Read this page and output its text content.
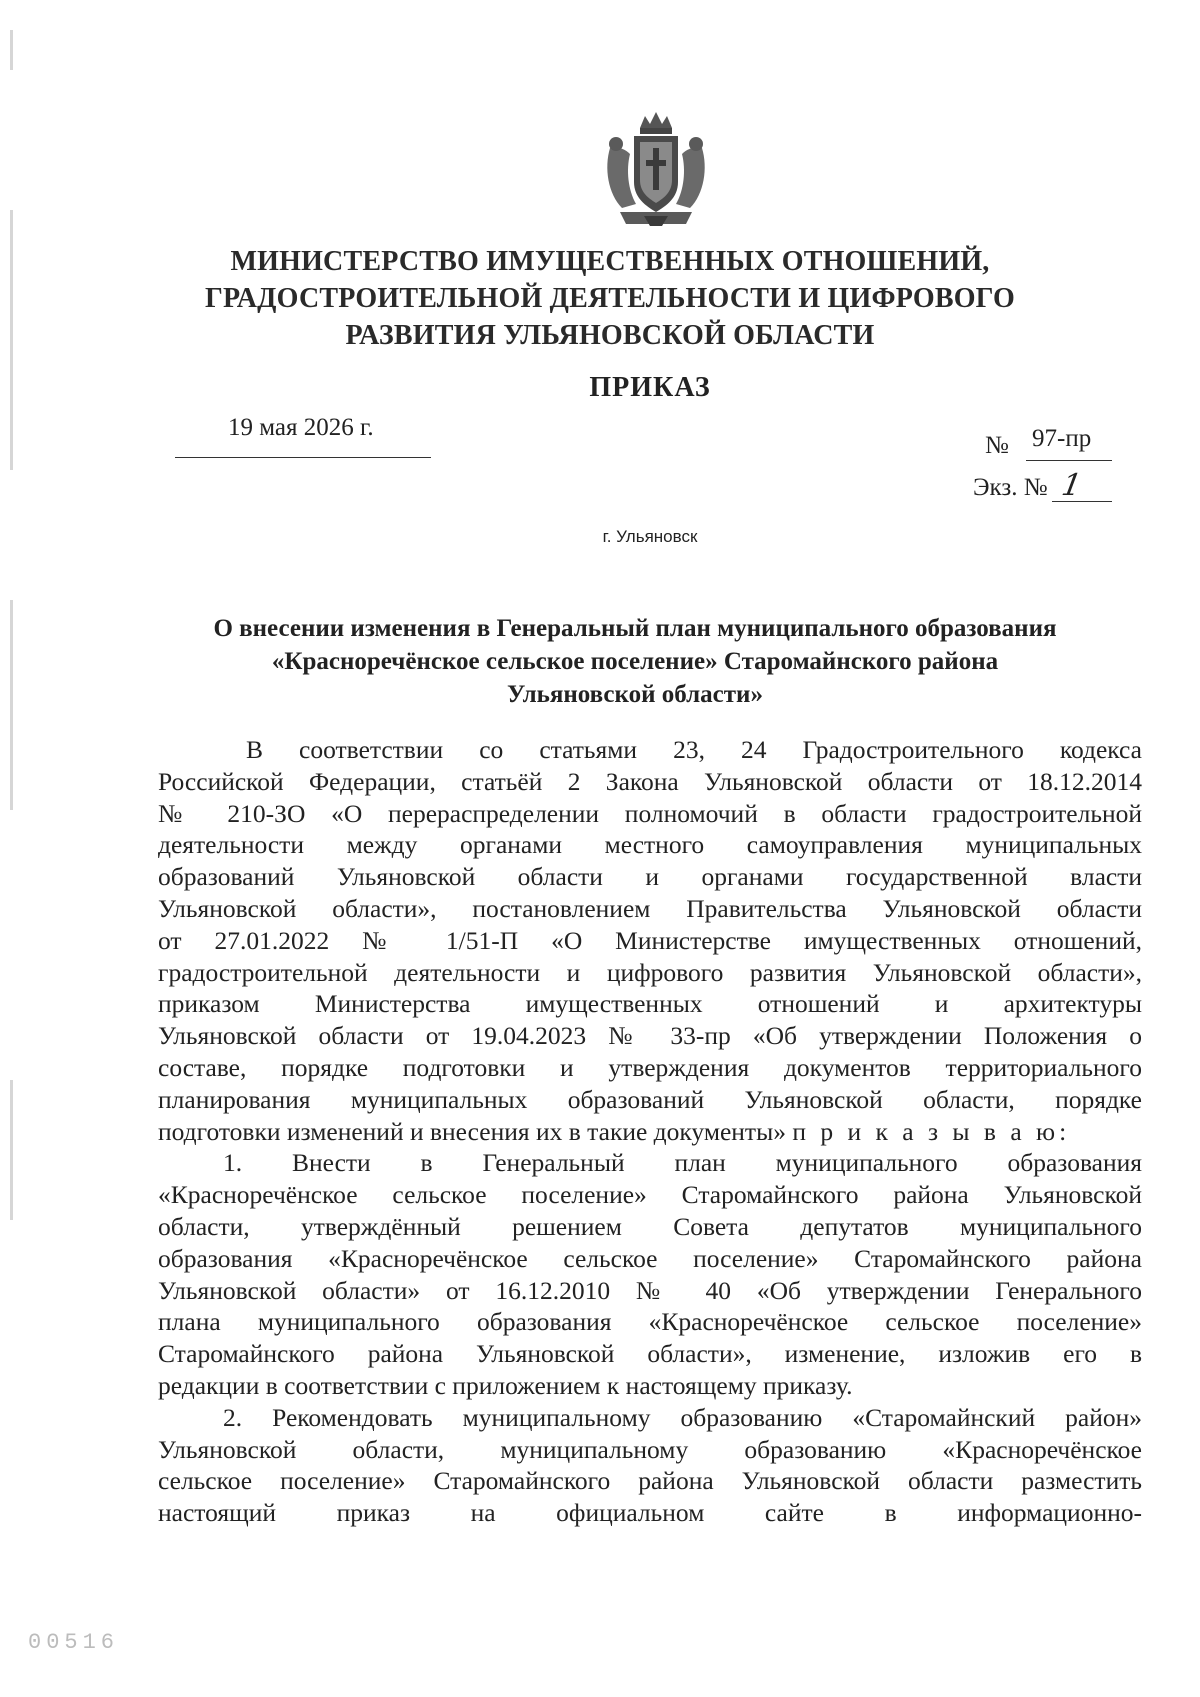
МИНИСТЕРСТВО ИМУЩЕСТВЕННЫХ ОТНОШЕНИЙ,
ГРАДОСТРОИТЕЛЬНОЙ ДЕЯТЕЛЬНОСТИ И ЦИФРОВОГО
РАЗВИТИЯ УЛЬЯНОВСКОЙ ОБЛАСТИ
ПРИКАЗ
19 мая 2026 г.
№ 97-пр
Экз. № 1
г. Ульяновск
О внесении изменения в Генеральный план муниципального образования
«Красноречёнское сельское поселение» Старомайнского района
Ульяновской области»
В соответствии со статьями 23, 24 Градостроительного кодекса
Российской Федерации, статьёй 2 Закона Ульяновской области от 18.12.2014
№ 210-ЗО «О перераспределении полномочий в области градостроительной
деятельности между органами местного самоуправления муниципальных
образований Ульяновской области и органами государственной власти
Ульяновской области», постановлением Правительства Ульяновской области
от 27.01.2022 № 1/51-П «О Министерстве имущественных отношений,
градостроительной деятельности и цифрового развития Ульяновской области»,
приказом Министерства имущественных отношений и архитектуры
Ульяновской области от 19.04.2023 № 33-пр «Об утверждении Положения о
составе, порядке подготовки и утверждения документов территориального
планирования муниципальных образований Ульяновской области, порядке
подготовки изменений и внесения их в такие документы» п р и к а з ы в а ю:
1. Внести в Генеральный план муниципального образования
«Красноречёнское сельское поселение» Старомайнского района Ульяновской
области, утверждённый решением Совета депутатов муниципального
образования «Красноречёнское сельское поселение» Старомайнского района
Ульяновской области» от 16.12.2010 № 40 «Об утверждении Генерального
плана муниципального образования «Красноречёнское сельское поселение»
Старомайнского района Ульяновской области», изменение, изложив его в
редакции в соответствии с приложением к настоящему приказу.
2. Рекомендовать муниципальному образованию «Старомайнский район»
Ульяновской области, муниципальному образованию «Красноречёнское
сельское поселение» Старомайнского района Ульяновской области разместить
настоящий приказ на официальном сайте в информационно-
00516
